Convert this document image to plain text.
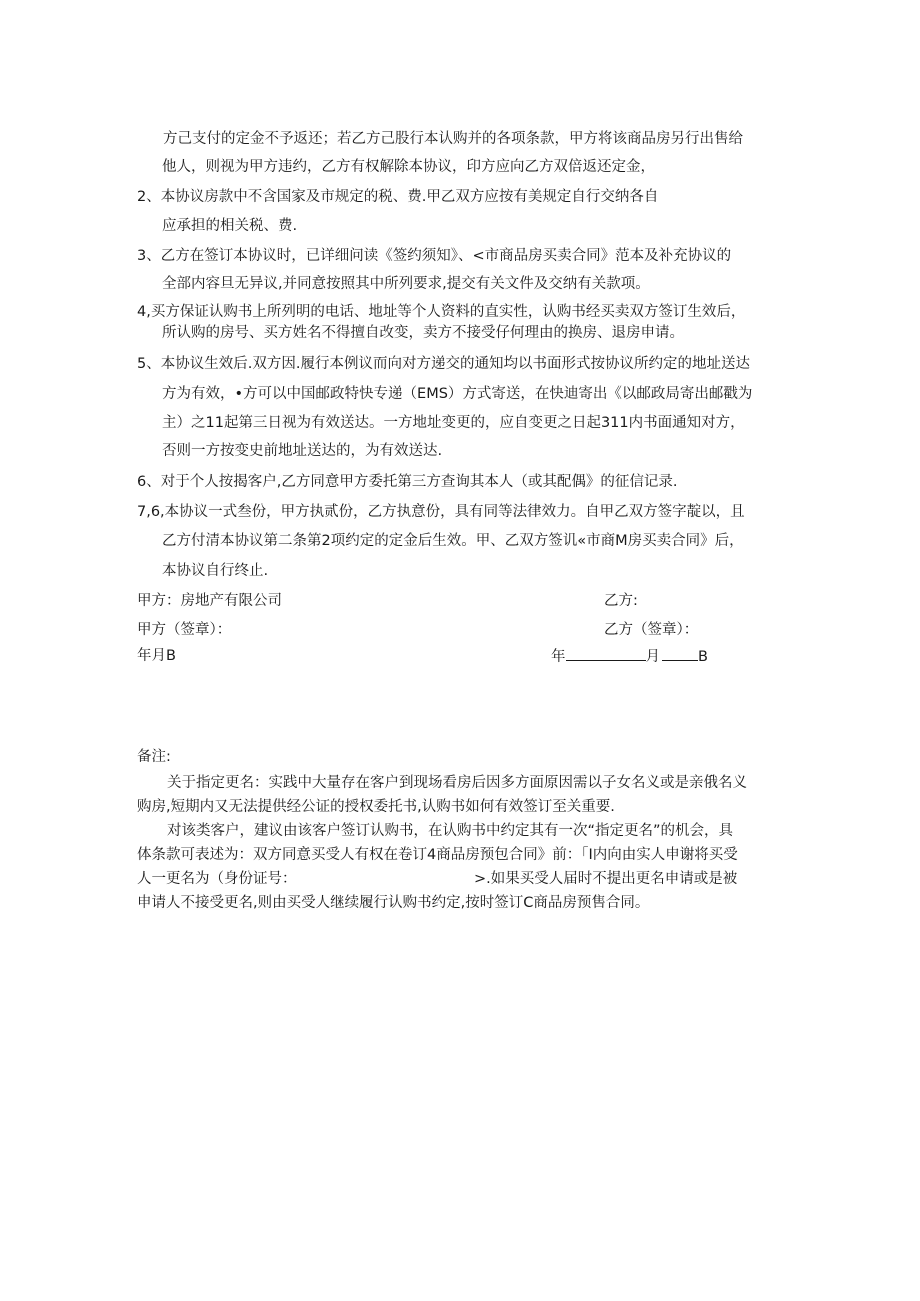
方己支付的定金不予返还；若乙方己股行本认购并的各项条款，甲方将该商品房另行出售给
他人，则视为甲方违约，乙方有权解除本协议，印方应向乙方双倍返还定金，
2、本协议房款中不含国家及市规定的税、费.甲乙双方应按有美规定自行交纳各自
应承担的相关税、费.
3、乙方在签订本协议时，已详细问读《签约须知》、<市商品房买卖合同》范本及补充协议的
全部内容旦无异议,并同意按照其中所列要求,提交有关文件及交纳有关款项。
4,买方保证认购书上所列明的电话、地址等个人资料的直实性，认购书经买卖双方签订生效后，
所认购的房号、买方姓名不得擅自改变，卖方不接受仔何理由的换房、退房申请。
5、本协议生效后.双方因.履行本例议而向对方递交的通知均以书面形式按协议所约定的地址送达
方为有效，•方可以中国邮政特快专递（EMS）方式寄送，在快迪寄出《以邮政局寄出邮戳为
主）之11起第三日视为有效送达。一方地址变更的，应自变更之日起311内书面通知对方，
否则一方按变史前地址送达的，为有效送达.
6、对于个人按揭客户,乙方同意甲方委托第三方查询其本人（或其配偶》的征信记录.
7,6,本协议一式叁份，甲方执贰份，乙方执意份，具有同等法律效力。自甲乙双方签字靛以，且
乙方付清本协议第二条第2项约定的定金后生效。甲、乙双方签讥«市商M房买卖合同》后，
本协议自行终止.
甲方：房地产有限公司	乙方:
甲方（签章）：	乙方（签章）：
年月B	年	月	B
备注:
关于指定更名：实践中大量存在客户到现场看房后因多方面原因需以子女名义或是亲俄名义
购房,短期内又无法提供经公证的授权委托书,认购书如何有效签订至关重要.
对该类客户，建议由该客户签订认购书，在认购书中约定其有一次“指定更名”的机会，具
体条款可表述为：双方同意买受人有权在卷订4商品房预包合同》前：「I内向由实人申谢将买受
人一更名为（身份证号：	>.如果买受人届时不提出更名申请或是被
申请人不接受更名,则由买受人继续履行认购书约定,按时签订C商品房预售合同。
